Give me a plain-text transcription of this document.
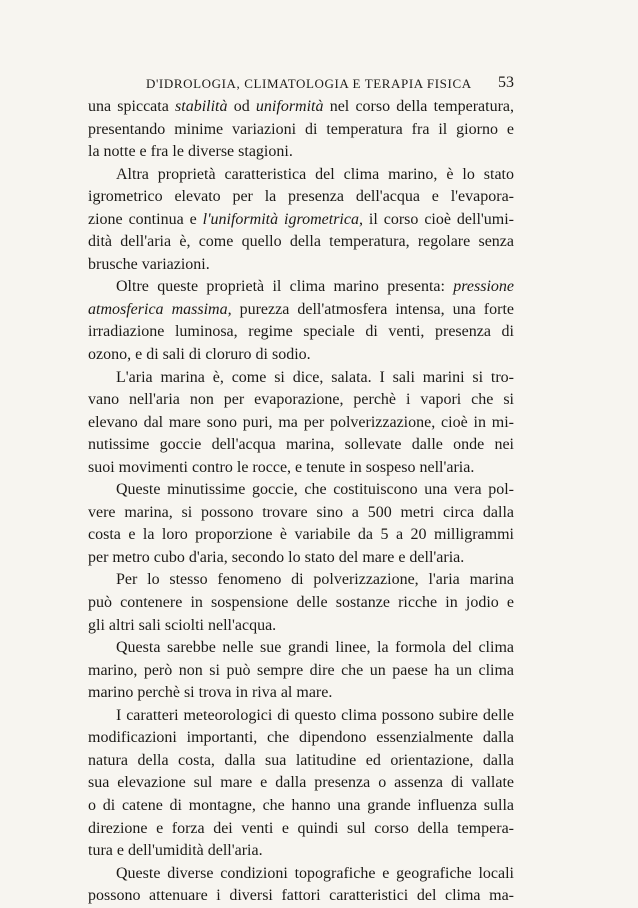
D'IDROLOGIA, CLIMATOLOGIA E TERAPIA FISICA 53
una spiccata stabilità od uniformità nel corso della temperatura,
presentando minime variazioni di temperatura fra il giorno e
la notte e fra le diverse stagioni.
Altra proprietà caratteristica del clima marino, è lo stato
igrometrico elevato per la presenza dell'acqua e l'evapora-
zione continua e l'uniformità igrometrica, il corso cioè dell'umi-
dità dell'aria è, come quello della temperatura, regolare senza
brusche variazioni.
Oltre queste proprietà il clima marino presenta: pressione
atmosferica massima, purezza dell'atmosfera intensa, una forte
irradiazione luminosa, regime speciale di venti, presenza di
ozono, e di sali di cloruro di sodio.
L'aria marina è, come si dice, salata. I sali marini si tro-
vano nell'aria non per evaporazione, perchè i vapori che si
elevano dal mare sono puri, ma per polverizzazione, cioè in mi-
nutissime goccie dell'acqua marina, sollevate dalle onde nei
suoi movimenti contro le rocce, e tenute in sospeso nell'aria.
Queste minutissime goccie, che costituiscono una vera pol-
vere marina, si possono trovare sino a 500 metri circa dalla
costa e la loro proporzione è variabile da 5 a 20 milligrammi
per metro cubo d'aria, secondo lo stato del mare e dell'aria.
Per lo stesso fenomeno di polverizzazione, l'aria marina
può contenere in sospensione delle sostanze ricche in jodio e
gli altri sali sciolti nell'acqua.
Questa sarebbe nelle sue grandi linee, la formola del clima
marino, però non si può sempre dire che un paese ha un clima
marino perchè si trova in riva al mare.
I caratteri meteorologici di questo clima possono subire delle
modificazioni importanti, che dipendono essenzialmente dalla
natura della costa, dalla sua latitudine ed orientazione, dalla
sua elevazione sul mare e dalla presenza o assenza di vallate
o di catene di montagne, che hanno una grande influenza sulla
direzione e forza dei venti e quindi sul corso della tempera-
tura e dell'umidità dell'aria.
Queste diverse condizioni topografiche e geografiche locali
possono attenuare i diversi fattori caratteristici del clima ma-
